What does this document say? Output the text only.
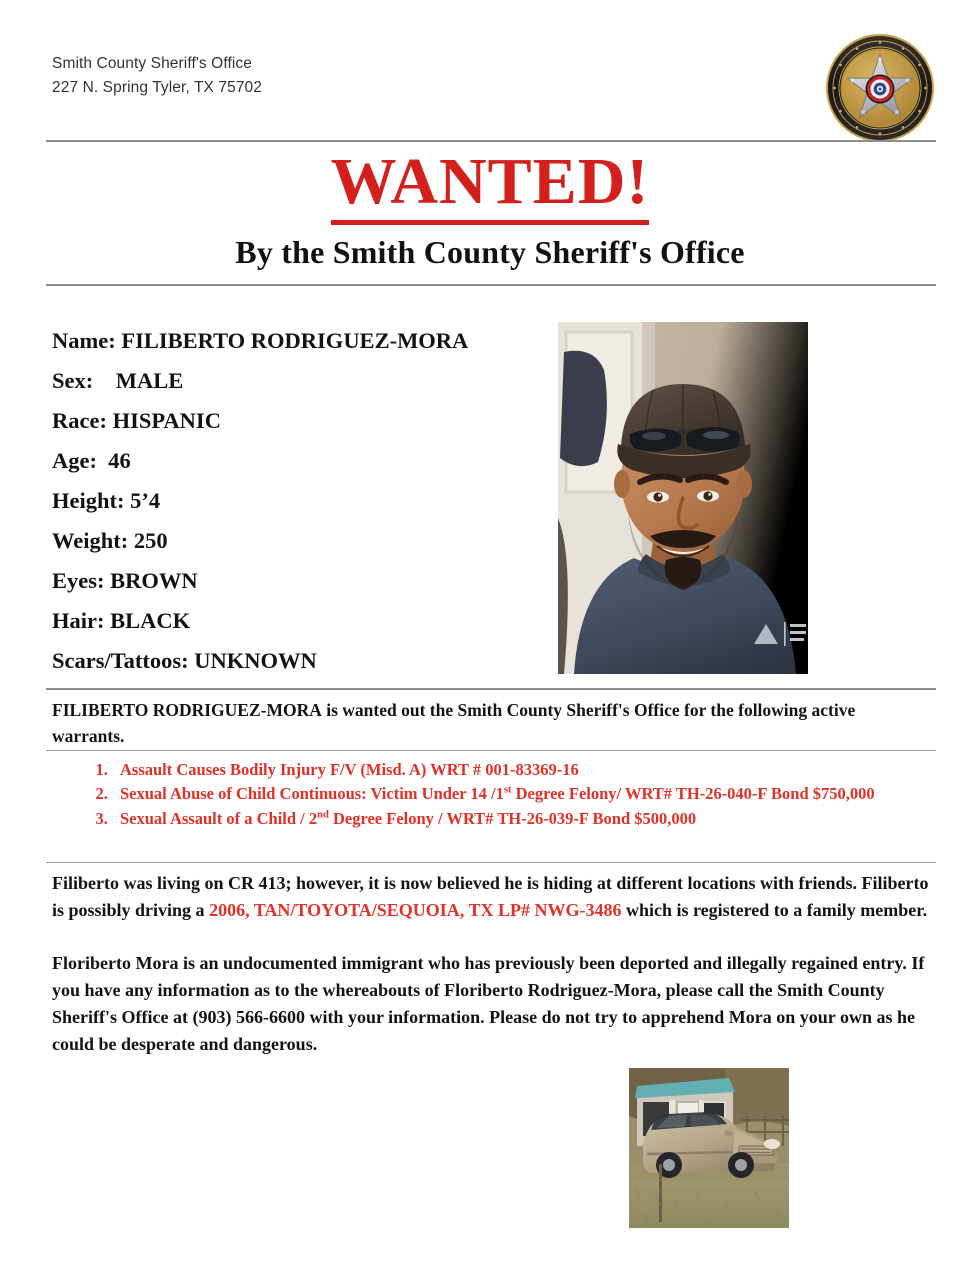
Smith County Sheriff's Office
227 N. Spring Tyler, TX 75702
WANTED!
By the Smith County Sheriff's Office
Name: FILIBERTO RODRIGUEZ-MORA
Sex:    MALE
Race: HISPANIC
Age:  46
Height: 5’4
Weight: 250
Eyes: BROWN
Hair: BLACK
Scars/Tattoos: UNKNOWN
FILIBERTO RODRIGUEZ-MORA is wanted out the Smith County Sheriff's Office for the following active warrants.
1. Assault Causes Bodily Injury F/V (Misd. A) WRT # 001-83369-16
2. Sexual Abuse of Child Continuous: Victim Under 14 /1st Degree Felony/ WRT# TH-26-040-F Bond $750,000
3. Sexual Assault of a Child / 2nd Degree Felony / WRT# TH-26-039-F Bond $500,000
Filiberto was living on CR 413; however, it is now believed he is hiding at different locations with friends. Filiberto is possibly driving a 2006, TAN/TOYOTA/SEQUOIA, TX LP# NWG-3486 which is registered to a family member.
Floriberto Mora is an undocumented immigrant who has previously been deported and illegally regained entry. If you have any information as to the whereabouts of Floriberto Rodriguez-Mora, please call the Smith County Sheriff's Office at (903) 566-6600 with your information. Please do not try to apprehend Mora on your own as he could be desperate and dangerous.
